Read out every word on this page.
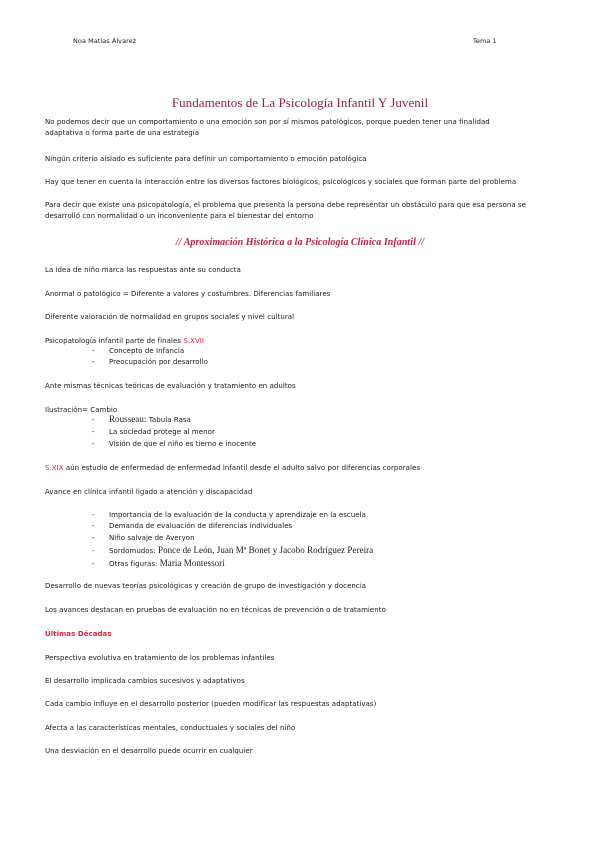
Noa Matías Álvarez	Tema 1
Fundamentos de La Psicología Infantil Y Juvenil
No podemos decir que un comportamiento o una emoción son por sí mismos patológicos, porque pueden tener una finalidad
adaptativa o forma parte de una estrategia
Ningún criterio aislado es suficiente para definir un comportamiento o emoción patológica
Hay que tener en cuenta la interacción entre los diversos factores biológicos, psicológicos y sociales que forman parte del problema
Para decir que existe una psicopatología, el problema que presenta la persona debe representar un obstáculo para que esa persona se
desarrolló con normalidad o un inconveniente para el bienestar del entorno
// Aproximación Histórica a la Psicología Clínica Infantil //
La idea de niño marca las respuestas ante su conducta
Anormal o patológico = Diferente a valores y costumbres. Diferencias familiares
Diferente valoración de normalidad en grupos sociales y nivel cultural
Psicopatología infantil parte de finales S.XVII
- Concepto de Infancia
- Preocupación por desarrollo
Ante mismas técnicas teóricas de evaluación y tratamiento en adultos
Ilustración= Cambio
- Rousseau: Tabula Rasa
- La sociedad protege al menor
- Visión de que el niño es tierno e inocente
S.XIX aún estudio de enfermedad de enfermedad infantil desde el adulto salvo por diferencias corporales
Avance en clínica infantil ligado a atención y discapacidad
- Importancia de la evaluación de la conducta y aprendizaje en la escuela
- Demanda de evaluación de diferencias individuales
- Niño salvaje de Averyon
- Sordomudos: Ponce de León, Juan Mª Bonet y Jacobo Rodríguez Pereira
- Otras figuras: Maria Montessori
Desarrollo de nuevas teorías psicológicas y creación de grupo de investigación y docencia
Los avances destacan en pruebas de evaluación no en técnicas de prevención o de tratamiento
Últimas Décadas
Perspectiva evolutiva en tratamiento de los problemas infantiles
El desarrollo implicada cambios sucesivos y adaptativos
Cada cambio influye en el desarrollo posterior (pueden modificar las respuestas adaptativas)
Afecta a las características mentales, conductuales y sociales del niño
Una desviación en el desarrollo puede ocurrir en cualquier
